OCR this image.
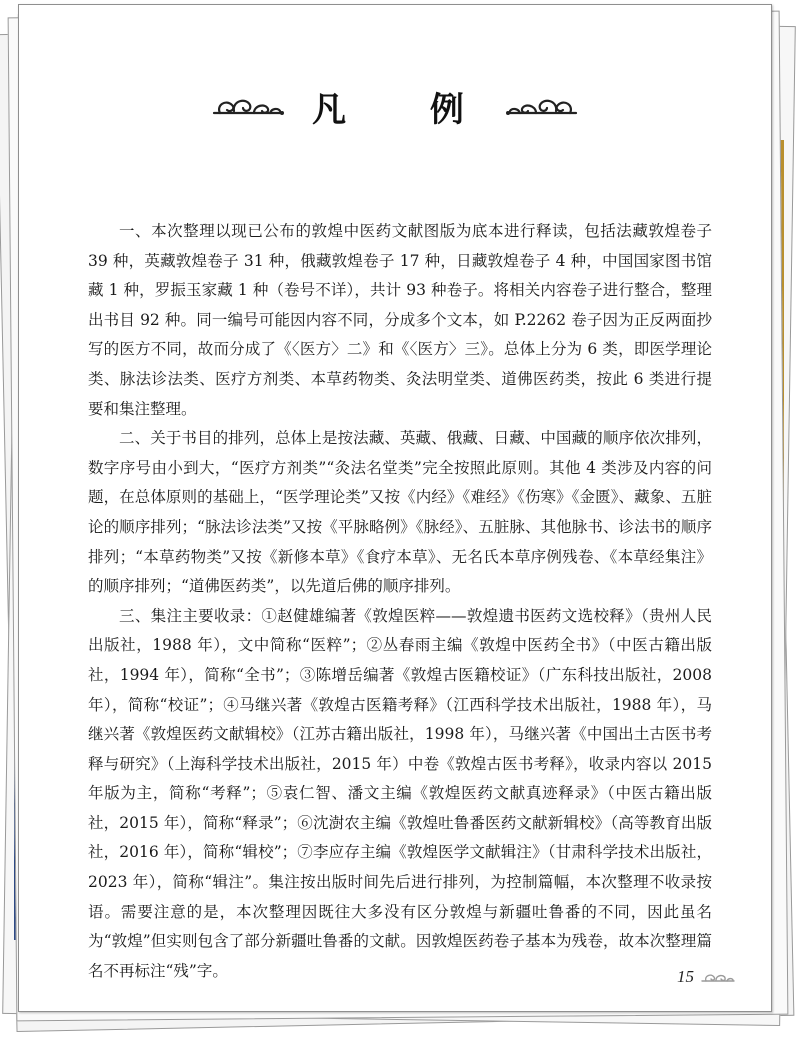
凡 例

一、本次整理以现已公布的敦煌中医药文献图版为底本进行释读，包括法藏敦煌卷子 39 种，英藏敦煌卷子 31 种，俄藏敦煌卷子 17 种，日藏敦煌卷子 4 种，中国国家图书馆藏 1 种，罗振玉家藏 1 种（卷号不详），共计 93 种卷子。将相关内容卷子进行整合，整理出书目 92 种。同一编号可能因内容不同，分成多个文本，如 P.2262 卷子因为正反两面抄写的医方不同，故而分成了《〈医方〉二》和《〈医方〉三》。总体上分为 6 类，即医学理论类、脉法诊法类、医疗方剂类、本草药物类、灸法明堂类、道佛医药类，按此 6 类进行提要和集注整理。

二、关于书目的排列，总体上是按法藏、英藏、俄藏、日藏、中国藏的顺序依次排列，数字序号由小到大，“医疗方剂类”“灸法名堂类”完全按照此原则。其他 4 类涉及内容的问题，在总体原则的基础上，“医学理论类”又按《内经》《难经》《伤寒》《金匮》、藏象、五脏论的顺序排列；“脉法诊法类”又按《平脉略例》《脉经》、五脏脉、其他脉书、诊法书的顺序排列；“本草药物类”又按《新修本草》《食疗本草》、无名氏本草序例残卷、《本草经集注》的顺序排列；“道佛医药类”，以先道后佛的顺序排列。

三、集注主要收录：①赵健雄编著《敦煌医粹——敦煌遗书医药文选校释》（贵州人民出版社，1988 年），文中简称“医粹”；②丛春雨主编《敦煌中医药全书》（中医古籍出版社，1994 年），简称“全书”；③陈增岳编著《敦煌古医籍校证》（广东科技出版社，2008 年），简称“校证”；④马继兴著《敦煌古医籍考释》（江西科学技术出版社，1988 年），马继兴著《敦煌医药文献辑校》（江苏古籍出版社，1998 年），马继兴著《中国出土古医书考释与研究》（上海科学技术出版社，2015 年）中卷《敦煌古医书考释》，收录内容以 2015 年版为主，简称“考释”；⑤袁仁智、潘文主编《敦煌医药文献真迹释录》（中医古籍出版社，2015 年），简称“释录”；⑥沈澍农主编《敦煌吐鲁番医药文献新辑校》（高等教育出版社，2016 年），简称“辑校”；⑦李应存主编《敦煌医学文献辑注》（甘肃科学技术出版社，2023 年），简称“辑注”。集注按出版时间先后进行排列，为控制篇幅，本次整理不收录按语。需要注意的是，本次整理因既往大多没有区分敦煌与新疆吐鲁番的不同，因此虽名为“敦煌”但实则包含了部分新疆吐鲁番的文献。因敦煌医药卷子基本为残卷，故本次整理篇名不再标注“残”字。	15
